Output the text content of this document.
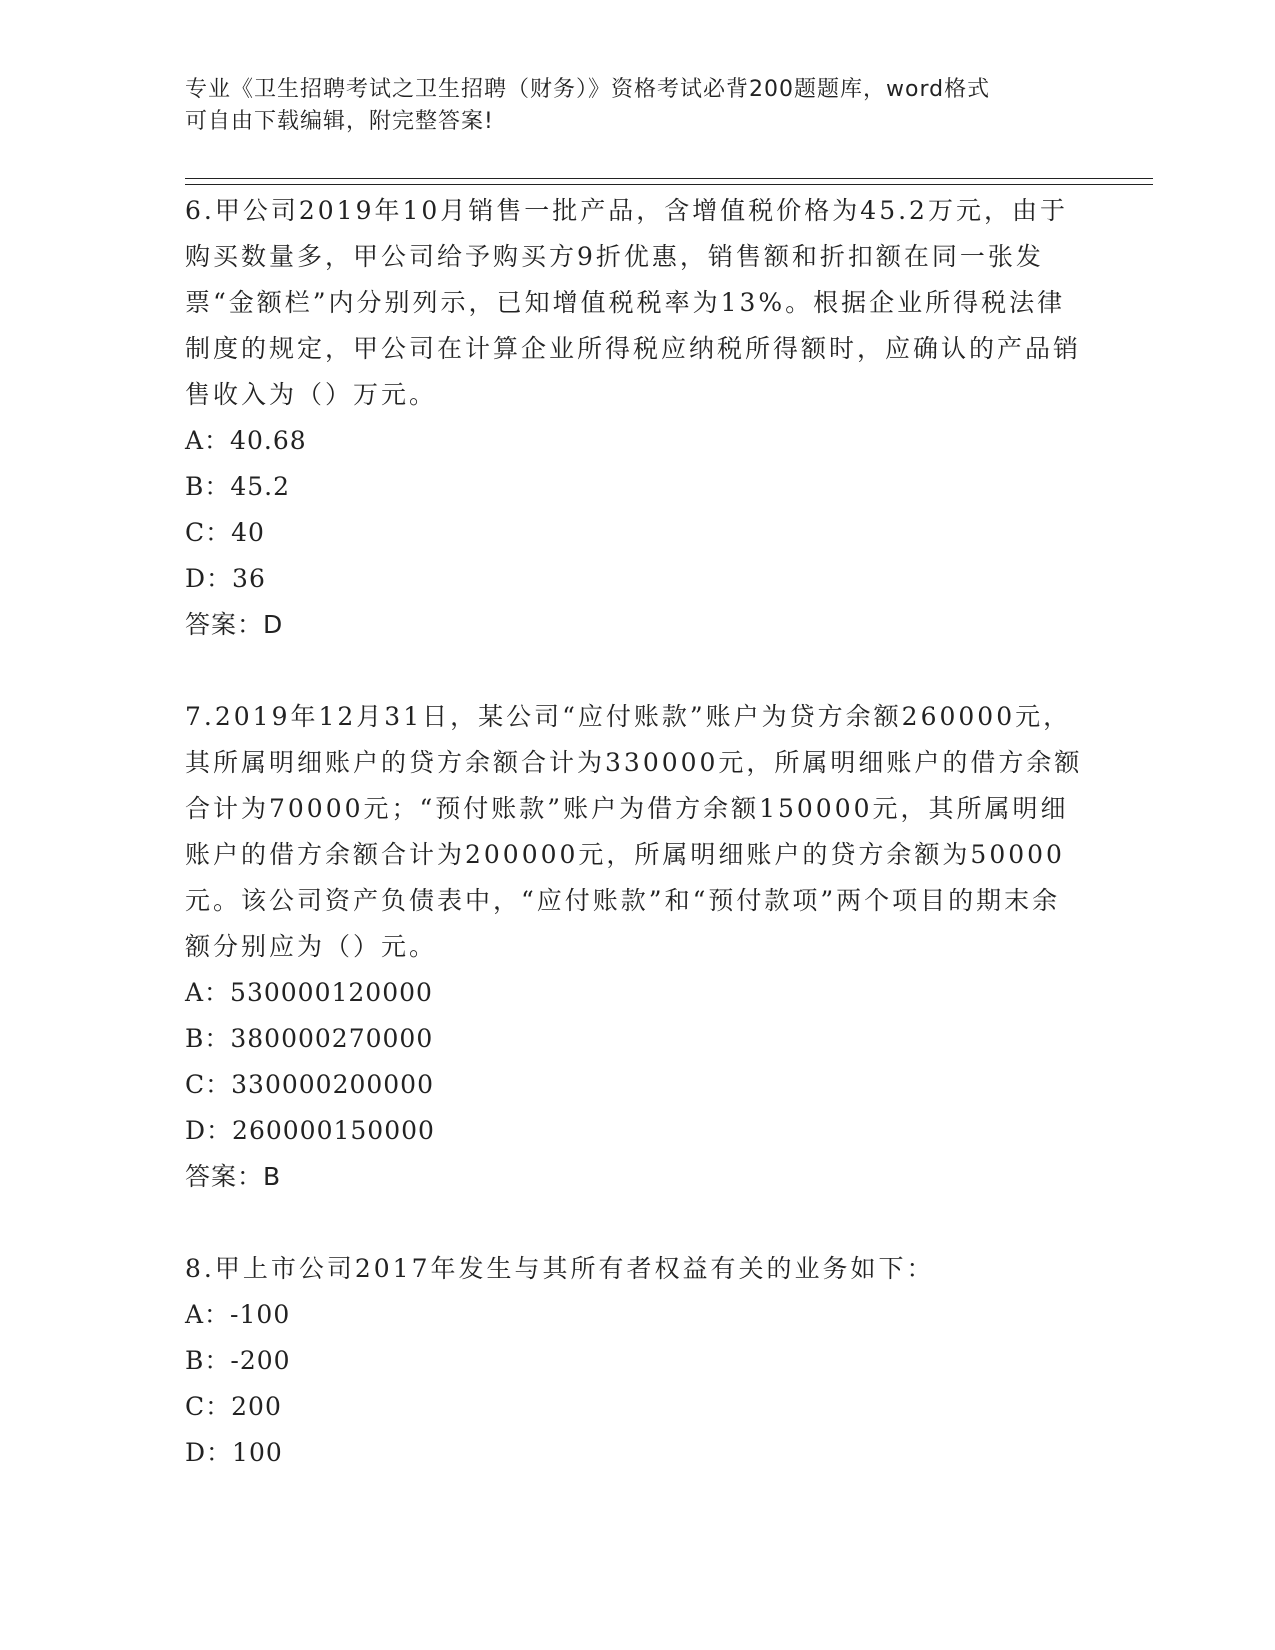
专业《卫生招聘考试之卫生招聘（财务）》资格考试必背200题题库，word格式
可自由下载编辑，附完整答案!

6.甲公司2019年10月销售一批产品，含增值税价格为45.2万元，由于购买数量多，甲公司给予购买方9折优惠，销售额和折扣额在同一张发票“金额栏”内分别列示，已知增值税税率为13%。根据企业所得税法律制度的规定，甲公司在计算企业所得税应纳税所得额时，应确认的产品销售收入为（）万元。

A：40.68
B：45.2
C：40
D：36
答案：D

7.2019年12月31日，某公司“应付账款”账户为贷方余额260000元，其所属明细账户的贷方余额合计为330000元，所属明细账户的借方余额合计为70000元；“预付账款”账户为借方余额150000元，其所属明细账户的借方余额合计为200000元，所属明细账户的贷方余额为50000元。该公司资产负债表中，“应付账款”和“预付款项”两个项目的期末余额分别应为（）元。

A：530000120000
B：380000270000
C：330000200000
D：260000150000
答案：B

8.甲上市公司2017年发生与其所有者权益有关的业务如下：

A：-100
B：-200
C：200
D：100
